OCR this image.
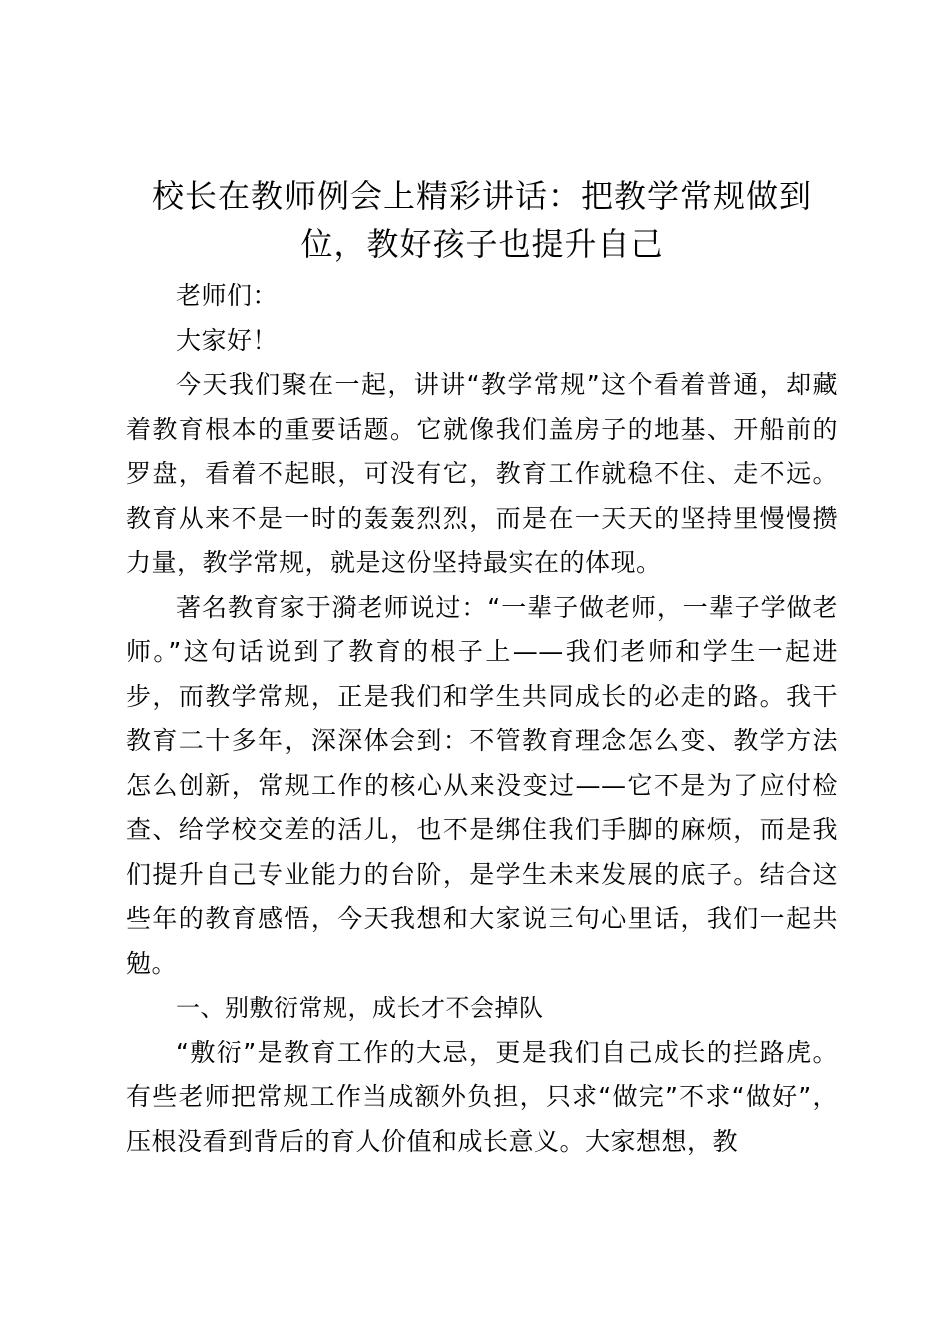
校长在教师例会上精彩讲话：把教学常规做到位，教好孩子也提升自己

老师们：

大家好！

今天我们聚在一起，讲讲“教学常规”这个看着普通，却藏着教育根本的重要话题。它就像我们盖房子的地基、开船前的罗盘，看着不起眼，可没有它，教育工作就稳不住、走不远。教育从来不是一时的轰轰烈烈，而是在一天天的坚持里慢慢攒力量，教学常规，就是这份坚持最实在的体现。

著名教育家于漪老师说过：“一辈子做老师，一辈子学做老师。”这句话说到了教育的根子上——我们老师和学生一起进步，而教学常规，正是我们和学生共同成长的必走的路。我干教育二十多年，深深体会到：不管教育理念怎么变、教学方法怎么创新，常规工作的核心从来没变过——它不是为了应付检查、给学校交差的活儿，也不是绑住我们手脚的麻烦，而是我们提升自己专业能力的台阶，是学生未来发展的底子。结合这些年的教育感悟，今天我想和大家说三句心里话，我们一起共勉。

一、别敷衍常规，成长才不会掉队

“敷衍”是教育工作的大忌，更是我们自己成长的拦路虎。有些老师把常规工作当成额外负担，只求“做完”不求“做好”，压根没看到背后的育人价值和成长意义。大家想想，教
